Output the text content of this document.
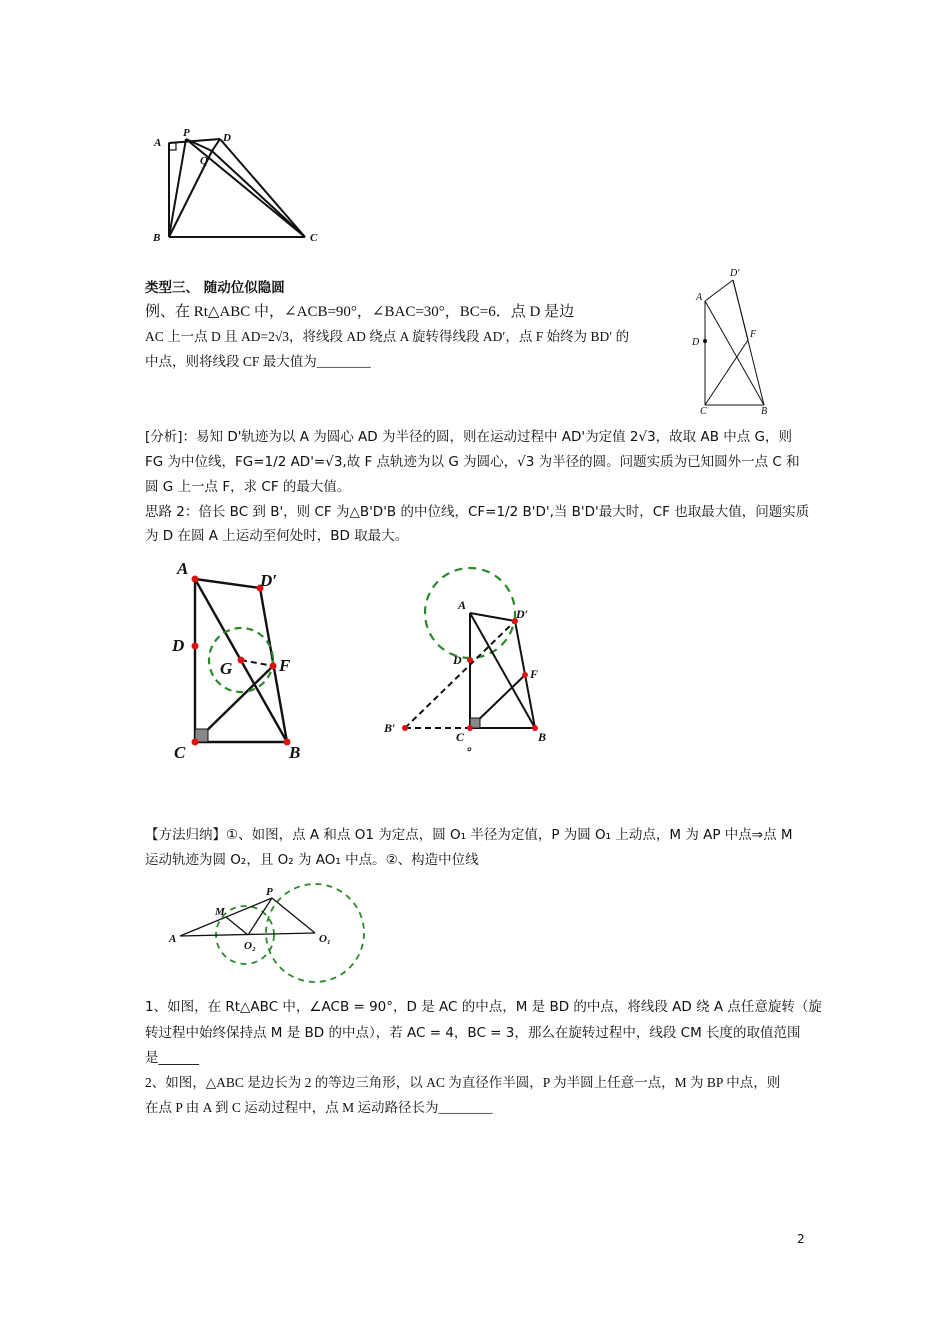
A
P	D
Q
B	C
类型三、 随动位似隐圆
例、在 Rt△ABC 中，∠ACB=90°，∠BAC=30°，BC=6．点 D 是边
AC 上一点 D 且 AD=2√3，将线段 AD 绕点 A 旋转得线段 AD′，点 F 始终为 BD′ 的
中点，则将线段 CF 最大值为________
D′
A
D
F
C	B
[分析]：易知 D'轨迹为以 A 为圆心 AD 为半径的圆，则在运动过程中 AD'为定值 2√3，故取 AB 中点 G，则
FG 为中位线，FG=1/2 AD'=√3,故 F 点轨迹为以 G 为圆心，√3 为半径的圆。问题实质为已知圆外一点 C 和
圆 G 上一点 F，求 CF 的最大值。
思路 2：倍长 BC 到 B'，则 CF 为△B'D'B 的中位线，CF=1/2 B'D',当 B'D'最大时，CF 也取最大值，问题实质
为 D 在圆 A 上运动至何处时，BD 取最大。
A
D′
D
G	F
C	B
A
D′
D
F
B′
C	B
。
【方法归纳】①、如图，点 A 和点 O1 为定点，圆 O₁ 半径为定值，P 为圆 O₁ 上动点，M 为 AP 中点⇒点 M
运动轨迹为圆 O₂，且 O₂ 为 AO₁ 中点。②、构造中位线
P
M
A
O₂
O₁
1、如图，在 Rt△ABC 中，∠ACB = 90°，D 是 AC 的中点，M 是 BD 的中点，将线段 AD 绕 A 点任意旋转（旋
转过程中始终保持点 M 是 BD 的中点），若 AC = 4，BC = 3，那么在旋转过程中，线段 CM 长度的取值范围
是______
2、如图，△ABC 是边长为 2 的等边三角形，以 AC 为直径作半圆，P 为半圆上任意一点，M 为 BP 中点，则
在点 P 由 A 到 C 运动过程中，点 M 运动路径长为________
2
